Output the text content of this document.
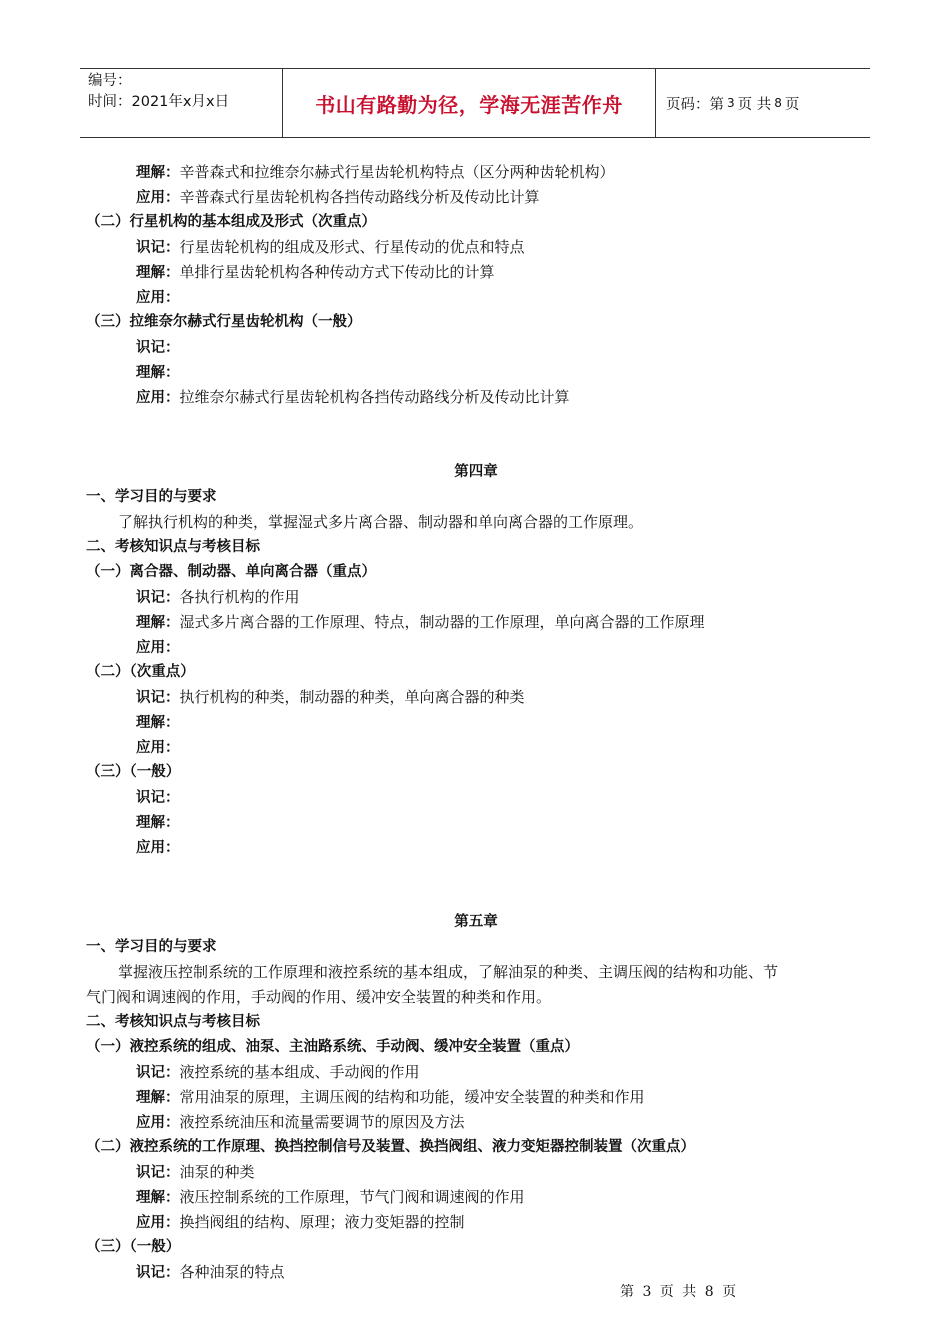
编号：
时间：2021年x月x日	书山有路勤为径，学海无涯苦作舟	页码：第 3 页 共 8 页
理解：辛普森式和拉维奈尔赫式行星齿轮机构特点（区分两种齿轮机构）
应用：辛普森式行星齿轮机构各挡传动路线分析及传动比计算
（二）行星机构的基本组成及形式（次重点）
识记：行星齿轮机构的组成及形式、行星传动的优点和特点
理解：单排行星齿轮机构各种传动方式下传动比的计算
应用：
（三）拉维奈尔赫式行星齿轮机构（一般）
识记：
理解：
应用：拉维奈尔赫式行星齿轮机构各挡传动路线分析及传动比计算
第四章
一、学习目的与要求
了解执行机构的种类，掌握湿式多片离合器、制动器和单向离合器的工作原理。
二、考核知识点与考核目标
（一）离合器、制动器、单向离合器（重点）
识记：各执行机构的作用
理解：湿式多片离合器的工作原理、特点，制动器的工作原理，单向离合器的工作原理
应用：
（二）（次重点）
识记：执行机构的种类，制动器的种类，单向离合器的种类
理解：
应用：
（三）（一般）
识记：
理解：
应用：
第五章
一、学习目的与要求
掌握液压控制系统的工作原理和液控系统的基本组成，了解油泵的种类、主调压阀的结构和功能、节
气门阀和调速阀的作用，手动阀的作用、缓冲安全装置的种类和作用。
二、考核知识点与考核目标
（一）液控系统的组成、油泵、主油路系统、手动阀、缓冲安全装置（重点）
识记：液控系统的基本组成、手动阀的作用
理解：常用油泵的原理，主调压阀的结构和功能，缓冲安全装置的种类和作用
应用：液控系统油压和流量需要调节的原因及方法
（二）液控系统的工作原理、换挡控制信号及装置、换挡阀组、液力变矩器控制装置（次重点）
识记：油泵的种类
理解：液压控制系统的工作原理，节气门阀和调速阀的作用
应用：换挡阀组的结构、原理；液力变矩器的控制
（三）（一般）
识记：各种油泵的特点
第 3 页 共 8 页
